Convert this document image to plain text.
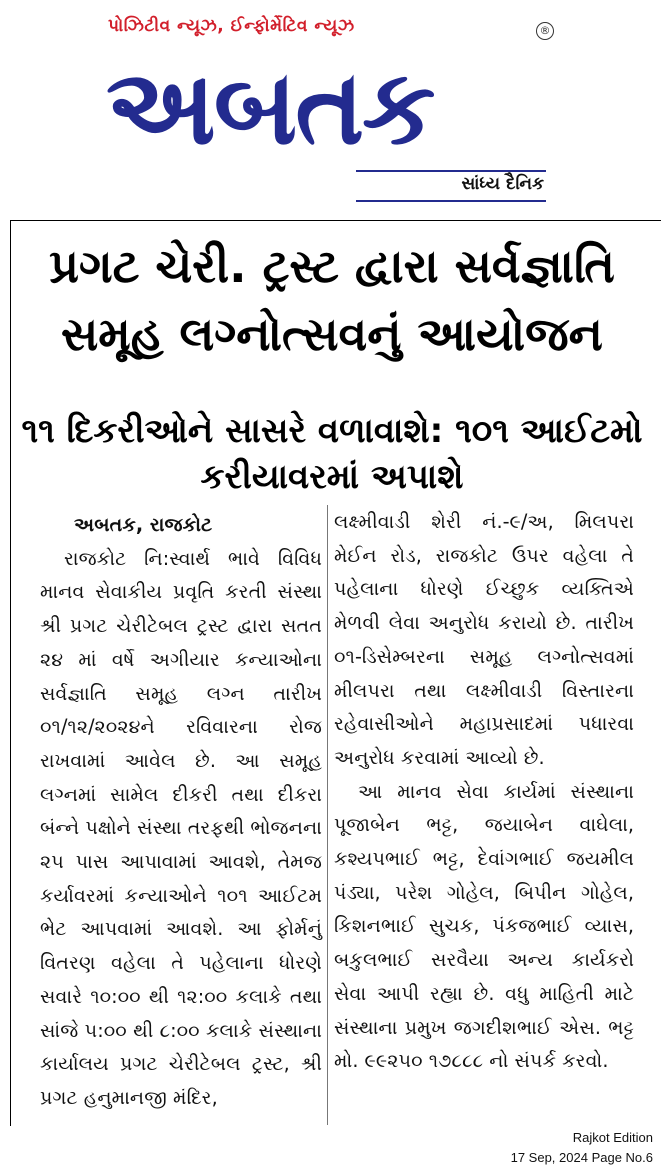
પોઝિટીવ ન્યૂઝ, ઈન્ફોર્મેટિવ ન્યૂઝ
અબતક
®
સાંધ્ય દૈનિક
પ્રગટ ચેરી. ટ્રસ્ટ દ્વારા સર્વજ્ઞાતિ સમૂહ લગ્નોત્સવનું આયોજન
૧૧ દિકરીઓને સાસરે વળાવાશે: ૧૦૧ આઈટમો કરીયાવરમાં અપાશે
અબતક, રાજકોટ
રાજકોટ નિ:સ્વાર્થ ભાવે વિવિધ માનવ સેવાકીય પ્રવૃતિ કરતી સંસ્થા શ્રી પ્રગટ ચેરીટેબલ ટ્રસ્ટ દ્વારા સતત ૨૪ માં વર્ષે અગીયાર કન્યાઓના સર્વજ્ઞાતિ સમૂહ લગ્ન તારીખ ૦૧/૧૨/૨૦૨૪ને રવિવારના રોજ રાખવામાં આવેલ છે. આ સમૂહ લગ્નમાં સામેલ દીકરી તથા દીકરા બંન્ને પક્ષોને સંસ્થા તરફથી ભોજનના ૨૫ પાસ આપાવામાં આવશે, તેમજ કર્યાવરમાં કન્યાઓને ૧૦૧ આઈટમ ભેટ આપવામાં આવશે. આ ફોર્મનું વિતરણ વહેલા તે પહેલાના ધોરણે સવારે ૧૦:૦૦ થી ૧૨:૦૦ કલાકે તથા સાંજે ૫:૦૦ થી ૮:૦૦ કલાકે સંસ્થાના કાર્યાલય પ્રગટ ચેરીટેબલ ટ્રસ્ટ, શ્રી પ્રગટ હનુમાનજી મંદિર,
લક્ષ્મીવાડી શેરી નં.-૯/અ, મિલપરા મેઈન રોડ, રાજકોટ ઉપર વહેલા તે પહેલાના ધોરણે ઈચ્છુક વ્યક્તિએ મેળવી લેવા અનુરોધ કરાયો છે. તારીખ ૦૧-ડિસેમ્બરના સમૂહ લગ્નોત્સવમાં મીલપરા તથા લક્ષ્મીવાડી વિસ્તારના રહેવાસીઓને મહાપ્રસાદમાં પધારવા અનુરોધ કરવામાં આવ્યો છે.
આ માનવ સેવા કાર્યમાં સંસ્થાના પૂજાબેન ભટ્ટ, જયાબેન વાઘેલા, કશ્યપભાઈ ભટ્ટ, દેવાંગભાઈ જયમીલ પંડ્યા, પરેશ ગોહેલ, બિપીન ગોહેલ, કિશનભાઈ સુચક, પંકજભાઈ વ્યાસ, બકુલભાઈ સરવૈયા અન્ય કાર્યકરો સેવા આપી રહ્યા છે. વધુ માહિતી માટે સંસ્થાના પ્રમુખ જગદીશભાઈ એસ. ભટ્ટ મો. ૯૯૨૫૦ ૧૭૮૮૮ નો સંપર્ક કરવો.
Rajkot Edition
17 Sep, 2024 Page No.6
